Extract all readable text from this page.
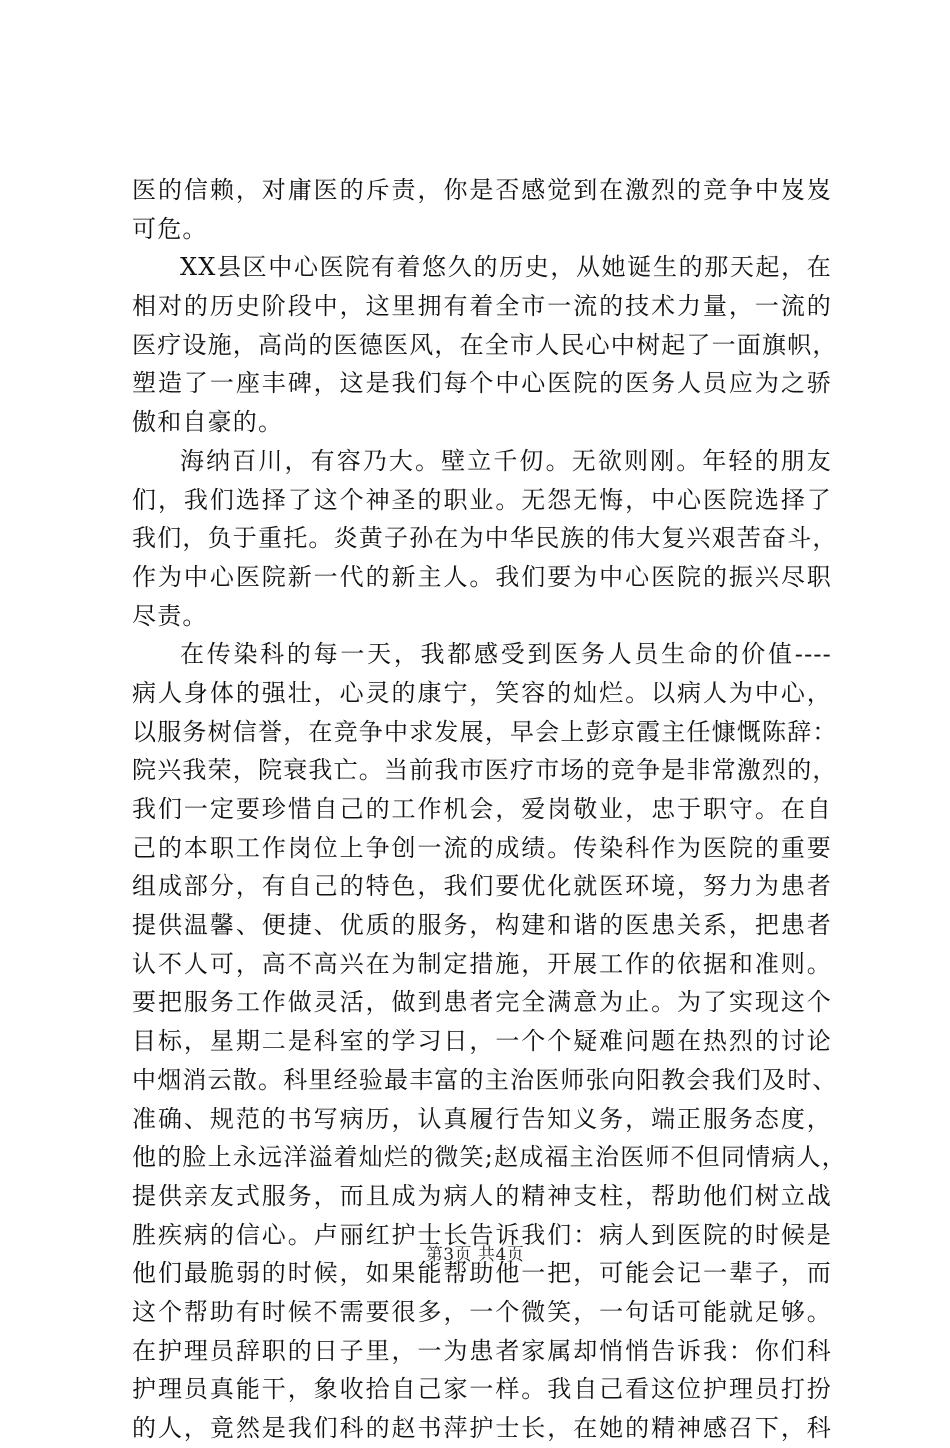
医的信赖，对庸医的斥责，你是否感觉到在激烈的竞争中岌岌
可危。
XX县区中心医院有着悠久的历史，从她诞生的那天起，在
相对的历史阶段中，这里拥有着全市一流的技术力量，一流的
医疗设施，高尚的医德医风，在全市人民心中树起了一面旗帜，
塑造了一座丰碑，这是我们每个中心医院的医务人员应为之骄
傲和自豪的。
海纳百川，有容乃大。壁立千仞。无欲则刚。年轻的朋友
们，我们选择了这个神圣的职业。无怨无悔，中心医院选择了
我们，负于重托。炎黄子孙在为中华民族的伟大复兴艰苦奋斗，
作为中心医院新一代的新主人。我们要为中心医院的振兴尽职
尽责。
在传染科的每一天，我都感受到医务人员生命的价值----
病人身体的强壮，心灵的康宁，笑容的灿烂。以病人为中心，
以服务树信誉，在竞争中求发展，早会上彭京霞主任慷慨陈辞：
院兴我荣，院衰我亡。当前我市医疗市场的竞争是非常激烈的，
我们一定要珍惜自己的工作机会，爱岗敬业，忠于职守。在自
己的本职工作岗位上争创一流的成绩。传染科作为医院的重要
组成部分，有自己的特色，我们要优化就医环境，努力为患者
提供温馨、便捷、优质的服务，构建和谐的医患关系，把患者
认不人可，高不高兴在为制定措施，开展工作的依据和准则。
要把服务工作做灵活，做到患者完全满意为止。为了实现这个
目标，星期二是科室的学习日，一个个疑难问题在热烈的讨论
中烟消云散。科里经验最丰富的主治医师张向阳教会我们及时、
准确、规范的书写病历，认真履行告知义务，端正服务态度，
他的脸上永远洋溢着灿烂的微笑;赵成福主治医师不但同情病人，
提供亲友式服务，而且成为病人的精神支柱，帮助他们树立战
胜疾病的信心。卢丽红护士长告诉我们：病人到医院的时候是
他们最脆弱的时候，如果能帮助他一把，可能会记一辈子，而
这个帮助有时候不需要很多，一个微笑，一句话可能就足够。
在护理员辞职的日子里，一为患者家属却悄悄告诉我：你们科
护理员真能干，象收拾自己家一样。我自己看这位护理员打扮
的人，竟然是我们科的赵书萍护士长，在她的精神感召下，科
第3页 共4页
